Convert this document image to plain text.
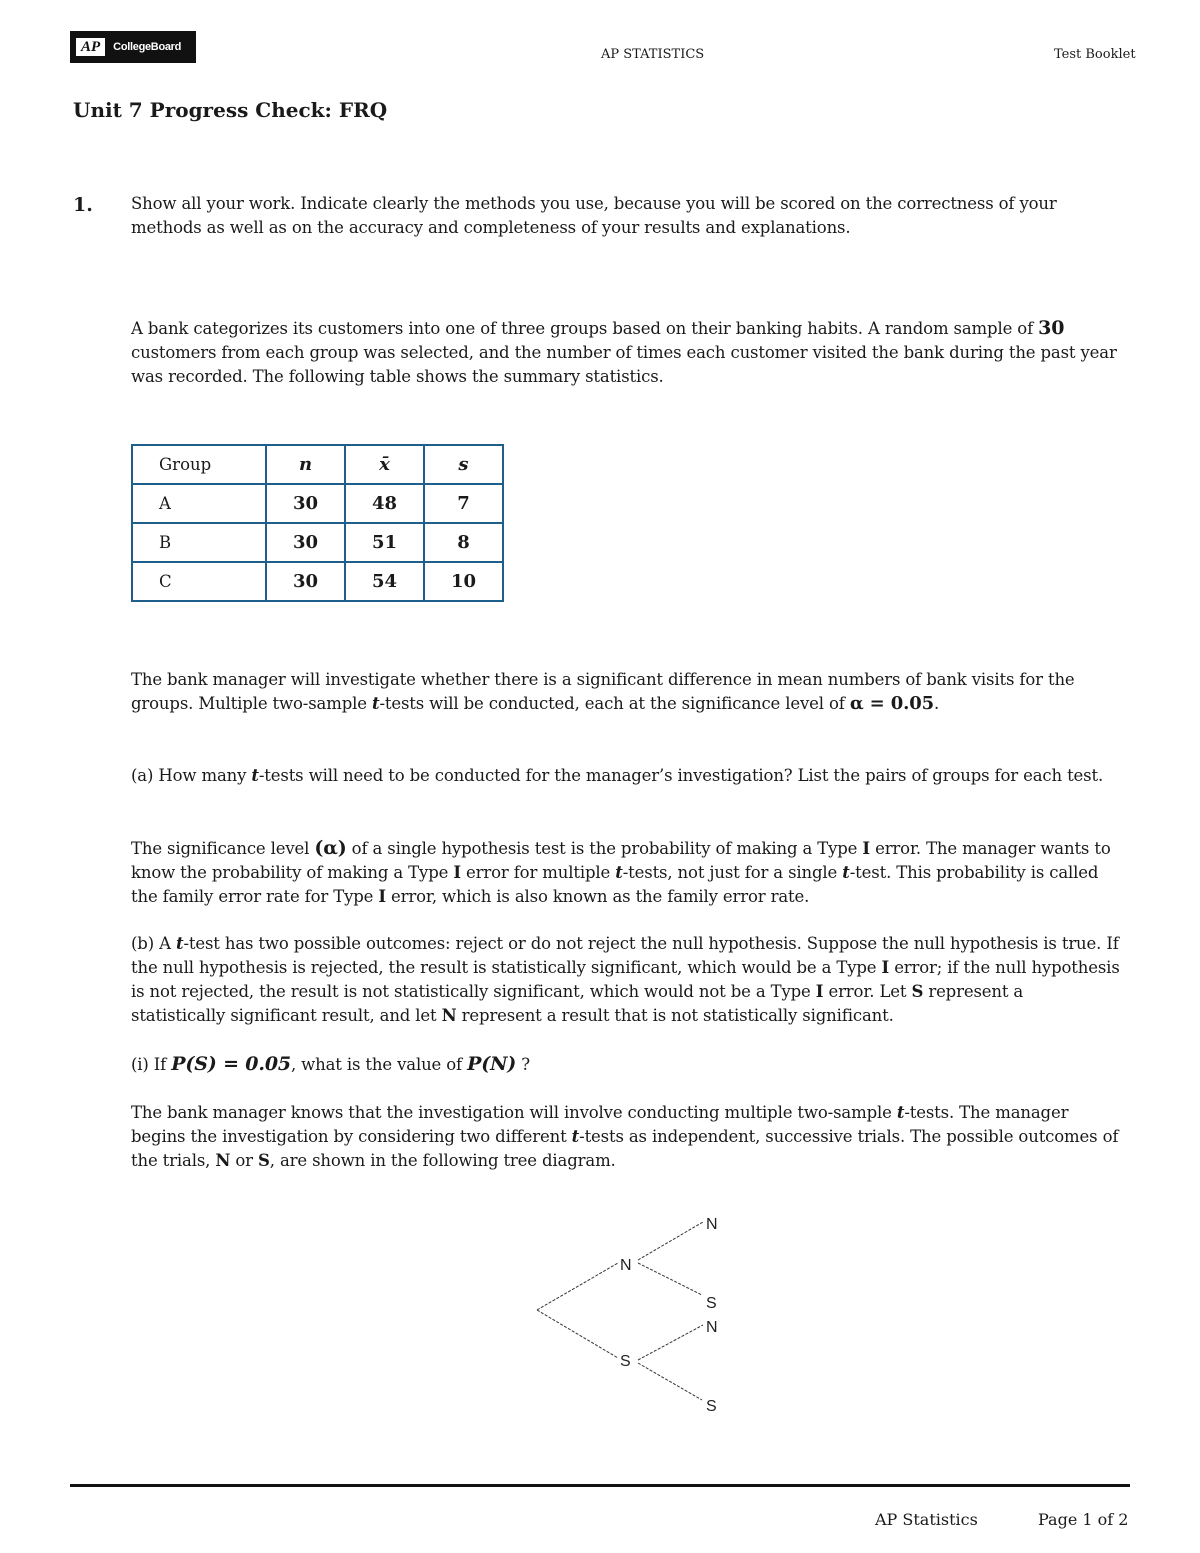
AP	CollegeBoard	AP STATISTICS	Test Booklet
Unit 7 Progress Check: FRQ
1. Show all your work. Indicate clearly the methods you use, because you will be scored on the correctness of your methods as well as on the accuracy and completeness of your results and explanations.

A bank categorizes its customers into one of three groups based on their banking habits. A random sample of 30 customers from each group was selected, and the number of times each customer visited the bank during the past year was recorded. The following table shows the summary statistics.

Group	n	x̄	s
A	30	48	7
B	30	51	8
C	30	54	10

The bank manager will investigate whether there is a significant difference in mean numbers of bank visits for the groups. Multiple two-sample t-tests will be conducted, each at the significance level of α = 0.05.

(a) How many t-tests will need to be conducted for the manager’s investigation? List the pairs of groups for each test.

The significance level (α) of a single hypothesis test is the probability of making a Type I error. The manager wants to know the probability of making a Type I error for multiple t-tests, not just for a single t-test. This probability is called the family error rate for Type I error, which is also known as the family error rate.

(b) A t-test has two possible outcomes: reject or do not reject the null hypothesis. Suppose the null hypothesis is true. If the null hypothesis is rejected, the result is statistically significant, which would be a Type I error; if the null hypothesis is not rejected, the result is not statistically significant, which would not be a Type I error. Let S represent a statistically significant result, and let N represent a result that is not statistically significant.

(i) If P(S) = 0.05, what is the value of P(N) ?

The bank manager knows that the investigation will involve conducting multiple two-sample t-tests. The manager begins the investigation by considering two different t-tests as independent, successive trials. The possible outcomes of the trials, N or S, are shown in the following tree diagram.

N
S
N
S
N
S
AP Statistics	Page 1 of 2
